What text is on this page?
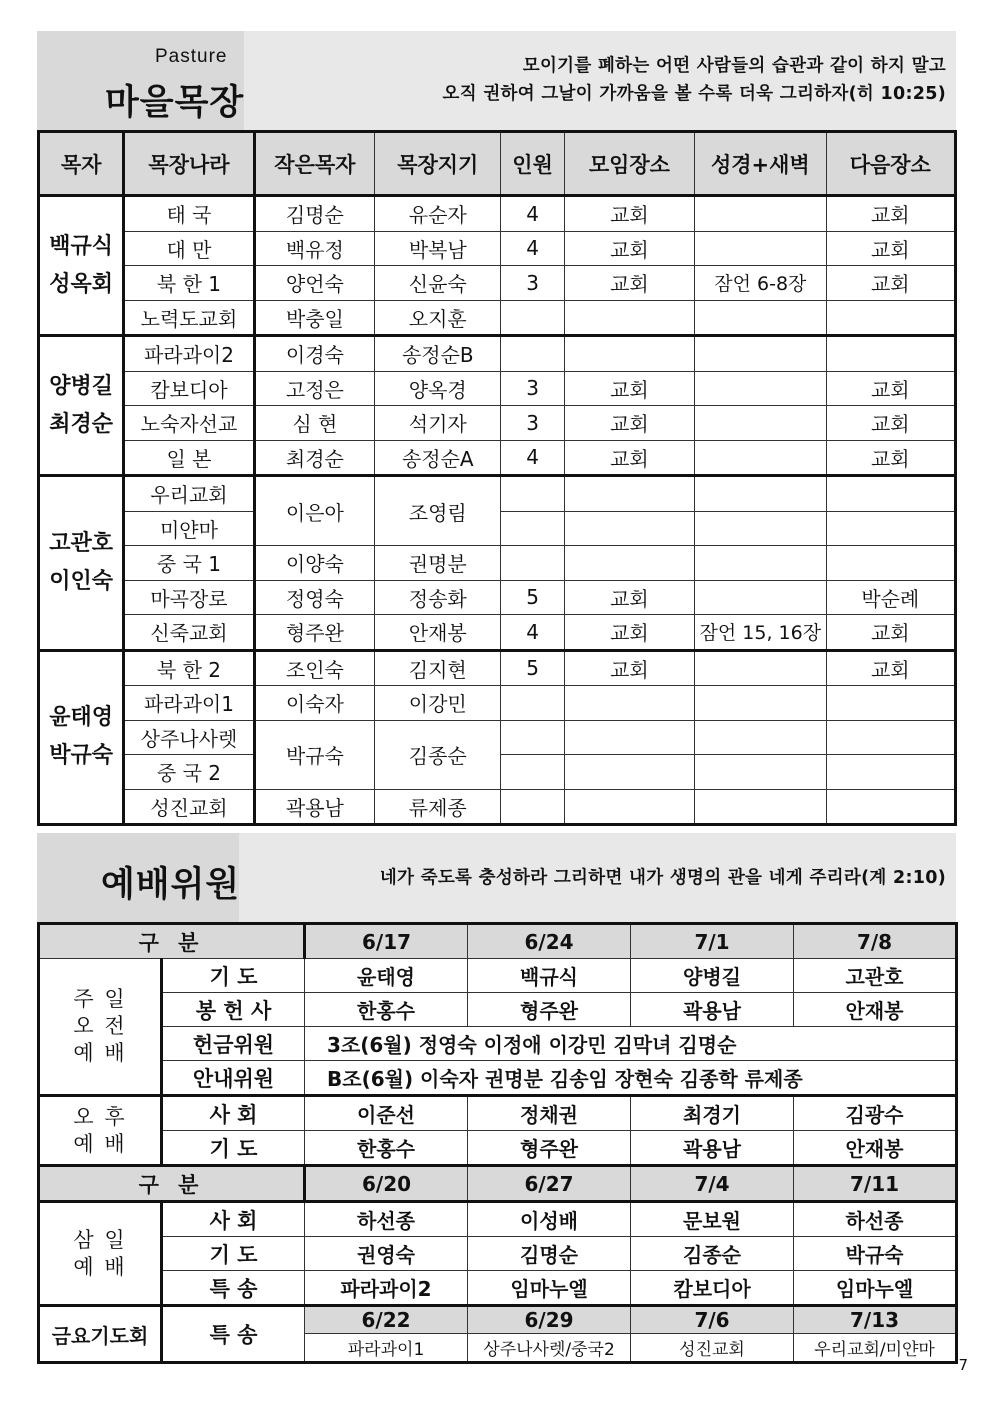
Pasture
마을목장
모이기를 폐하는 어떤 사람들의 습관과 같이 하지 말고
오직 권하여 그날이 가까움을 볼 수록 더욱 그리하자(히 10:25)
목자	목장나라	작은목자	목장지기	인원	모임장소	성경+새벽	다음장소

백규식
성옥회	태 국	김명순	유순자	4	교회		교회
	대 만	백유정	박복남	4	교회		교회
	북 한 1	양언숙	신윤숙	3	교회	잠언 6-8장	교회
	노력도교회	박충일	오지훈				

양병길
최경순	파라과이2	이경숙	송정순B				
	캄보디아	고정은	양옥경	3	교회		교회
	노숙자선교	심 현	석기자	3	교회		교회
	일 본	최경순	송정순A	4	교회		교회

고관호
이인숙	우리교회	이은아	조영림				
	미얀마						
	중 국 1	이양숙	권명분				
	마곡장로	정영숙	정송화	5	교회		박순례
	신죽교회	형주완	안재봉	4	교회	잠언 15, 16장	교회

윤태영
박규숙	북 한 2	조인숙	김지현	5	교회		교회
	파라과이1	이숙자	이강민				
	상주나사렛	박규숙	김종순				
	중 국 2						
	성진교회	곽용남	류제종				
예배위원	네가 죽도록 충성하라 그리하면 내가 생명의 관을 네게 주리라(계 2:10)
구 분		6/17	6/24	7/1	7/8

주 일
오 전
예 배	기 도	윤태영	백규식	양병길	고관호
	봉 헌 사	한홍수	형주완	곽용남	안재봉
	헌금위원	3조(6월) 정영숙 이정애 이강민 김막녀 김명순			
	안내위원	B조(6월) 이숙자 권명분 김송임 장현숙 김종학 류제종			

오 후
예 배	사 회	이준선	정채권	최경기	김광수
	기 도	한홍수	형주완	곽용남	안재봉
구 분		6/20	6/27	7/4	7/11

삼 일
예 배	사 회	하선종	이성배	문보원	하선종
	기 도	권영숙	김명순	김종순	박규숙
	특 송	파라과이2	임마누엘	캄보디아	임마누엘
금요기도회	특 송	6/22	6/29	7/6	7/13
		파라과이1	상주나사렛/중국2	성진교회	우리교회/미얀마
7
